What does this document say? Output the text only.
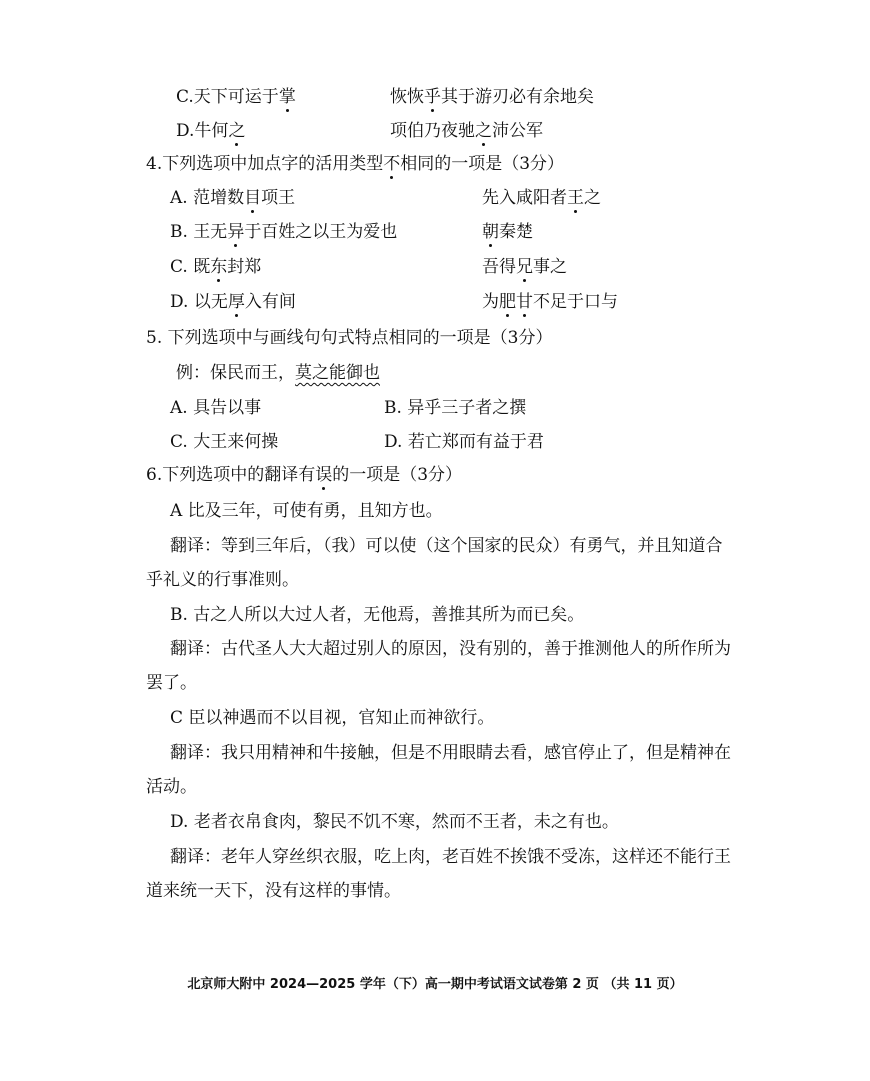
C.天下可运于掌	恢恢乎其于游刃必有余地矣
D.牛何之	项伯乃夜驰之沛公军
4.下列选项中加点字的活用类型不相同的一项是（3分）
A. 范增数目项王	先入咸阳者王之
B. 王无异于百姓之以王为爱也	朝秦楚
C. 既东封郑	吾得兄事之
D. 以无厚入有间	为肥甘不足于口与
5. 下列选项中与画线句句式特点相同的一项是（3分）
例：保民而王，莫之能御也
A. 具告以事	B. 异乎三子者之撰
C. 大王来何操	D. 若亡郑而有益于君
6.下列选项中的翻译有误的一项是（3分）
A 比及三年，可使有勇，且知方也。
翻译：等到三年后，（我）可以使（这个国家的民众）有勇气，并且知道合
乎礼义的行事准则。
B. 古之人所以大过人者，无他焉，善推其所为而已矣。
翻译：古代圣人大大超过别人的原因，没有别的，善于推测他人的所作所为
罢了。
C 臣以神遇而不以目视，官知止而神欲行。
翻译：我只用精神和牛接触，但是不用眼睛去看，感官停止了，但是精神在
活动。
D. 老者衣帛食肉，黎民不饥不寒，然而不王者，未之有也。
翻译：老年人穿丝织衣服，吃上肉，老百姓不挨饿不受冻，这样还不能行王
道来统一天下，没有这样的事情。
北京师大附中 2024—2025 学年（下）高一期中考试语文试卷第 2 页 （共 11 页）
